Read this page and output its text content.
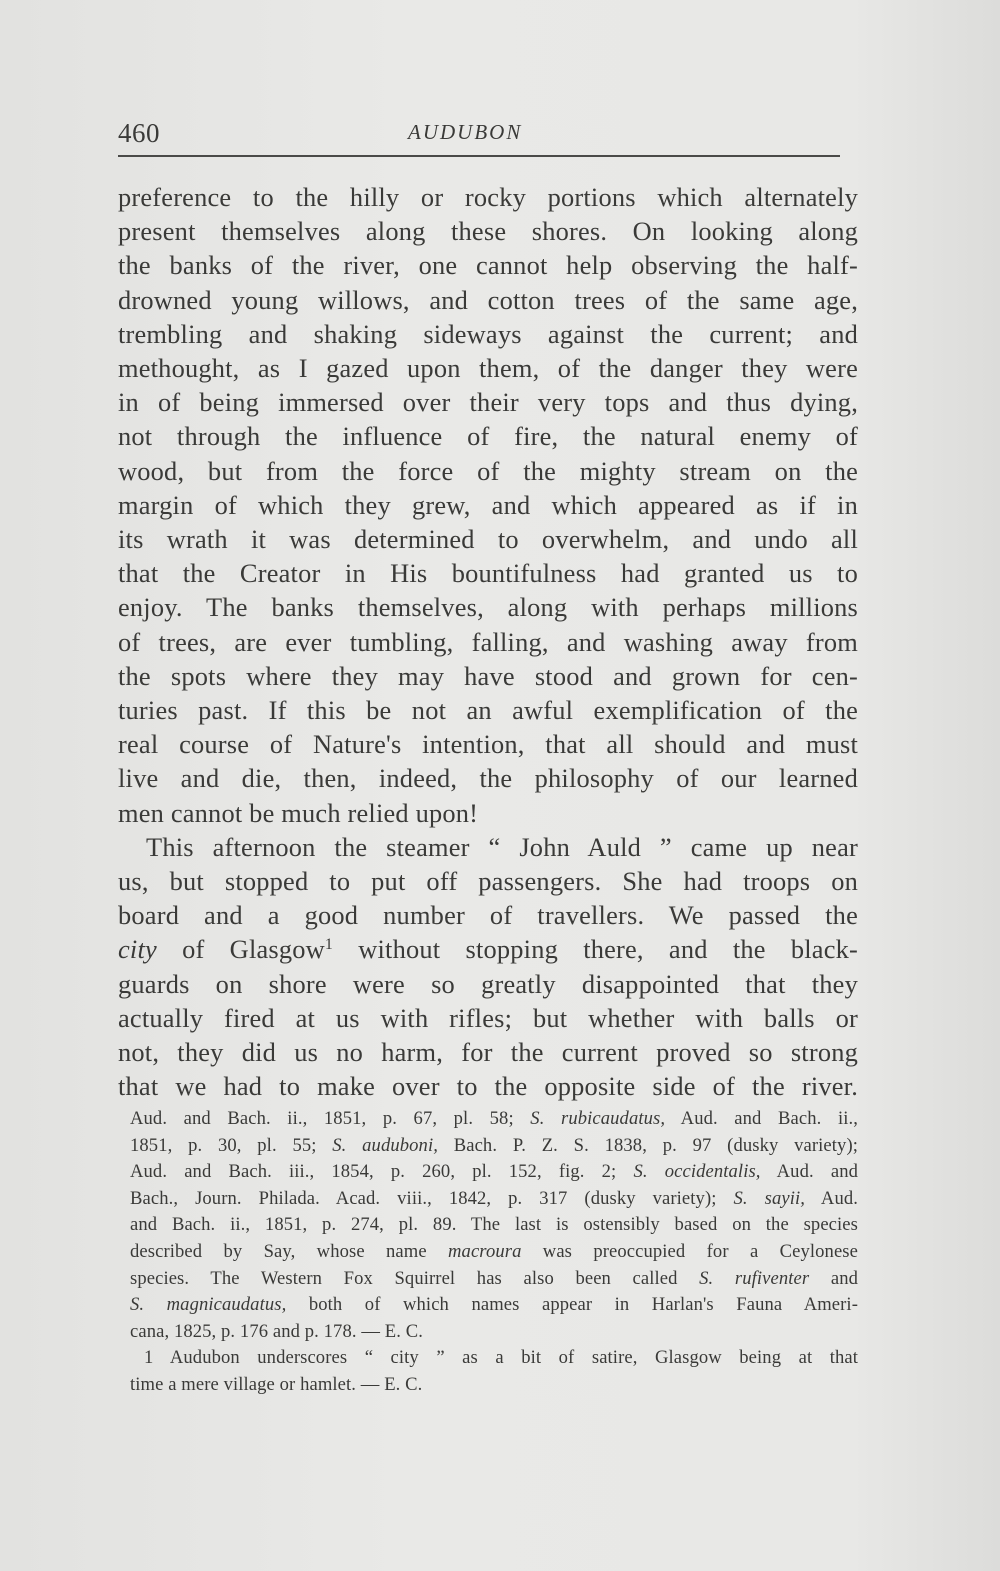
460	AUDUBON

preference to the hilly or rocky portions which alternately
present themselves along these shores. On looking along
the banks of the river, one cannot help observing the half-
drowned young willows, and cotton trees of the same age,
trembling and shaking sideways against the current; and
methought, as I gazed upon them, of the danger they were
in of being immersed over their very tops and thus dying,
not through the influence of fire, the natural enemy of
wood, but from the force of the mighty stream on the
margin of which they grew, and which appeared as if in
its wrath it was determined to overwhelm, and undo all
that the Creator in His bountifulness had granted us to
enjoy. The banks themselves, along with perhaps millions
of trees, are ever tumbling, falling, and washing away from
the spots where they may have stood and grown for cen-
turies past. If this be not an awful exemplification of the
real course of Nature's intention, that all should and must
live and die, then, indeed, the philosophy of our learned
men cannot be much relied upon!

This afternoon the steamer “ John Auld ” came up near
us, but stopped to put off passengers. She had troops on
board and a good number of travellers. We passed the
city of Glasgow$^1$ without stopping there, and the black-
guards on shore were so greatly disappointed that they
actually fired at us with rifles; but whether with balls or
not, they did us no harm, for the current proved so strong
that we had to make over to the opposite side of the river.

Aud. and Bach. ii., 1851, p. 67, pl. 58; S. rubicaudatus, Aud. and Bach. ii.,
1851, p. 30, pl. 55; S. auduboni, Bach. P. Z. S. 1838, p. 97 (dusky variety);
Aud. and Bach. iii., 1854, p. 260, pl. 152, fig. 2; S. occidentalis, Aud. and
Bach., Journ. Philada. Acad. viii., 1842, p. 317 (dusky variety); S. sayii, Aud.
and Bach. ii., 1851, p. 274, pl. 89. The last is ostensibly based on the species
described by Say, whose name macroura was preoccupied for a Ceylonese
species. The Western Fox Squirrel has also been called S. rufiventer and
S. magnicaudatus, both of which names appear in Harlan's Fauna Ameri-
cana, 1825, p. 176 and p. 178. — E. C.
1 Audubon underscores “ city ” as a bit of satire, Glasgow being at that
time a mere village or hamlet. — E. C.
